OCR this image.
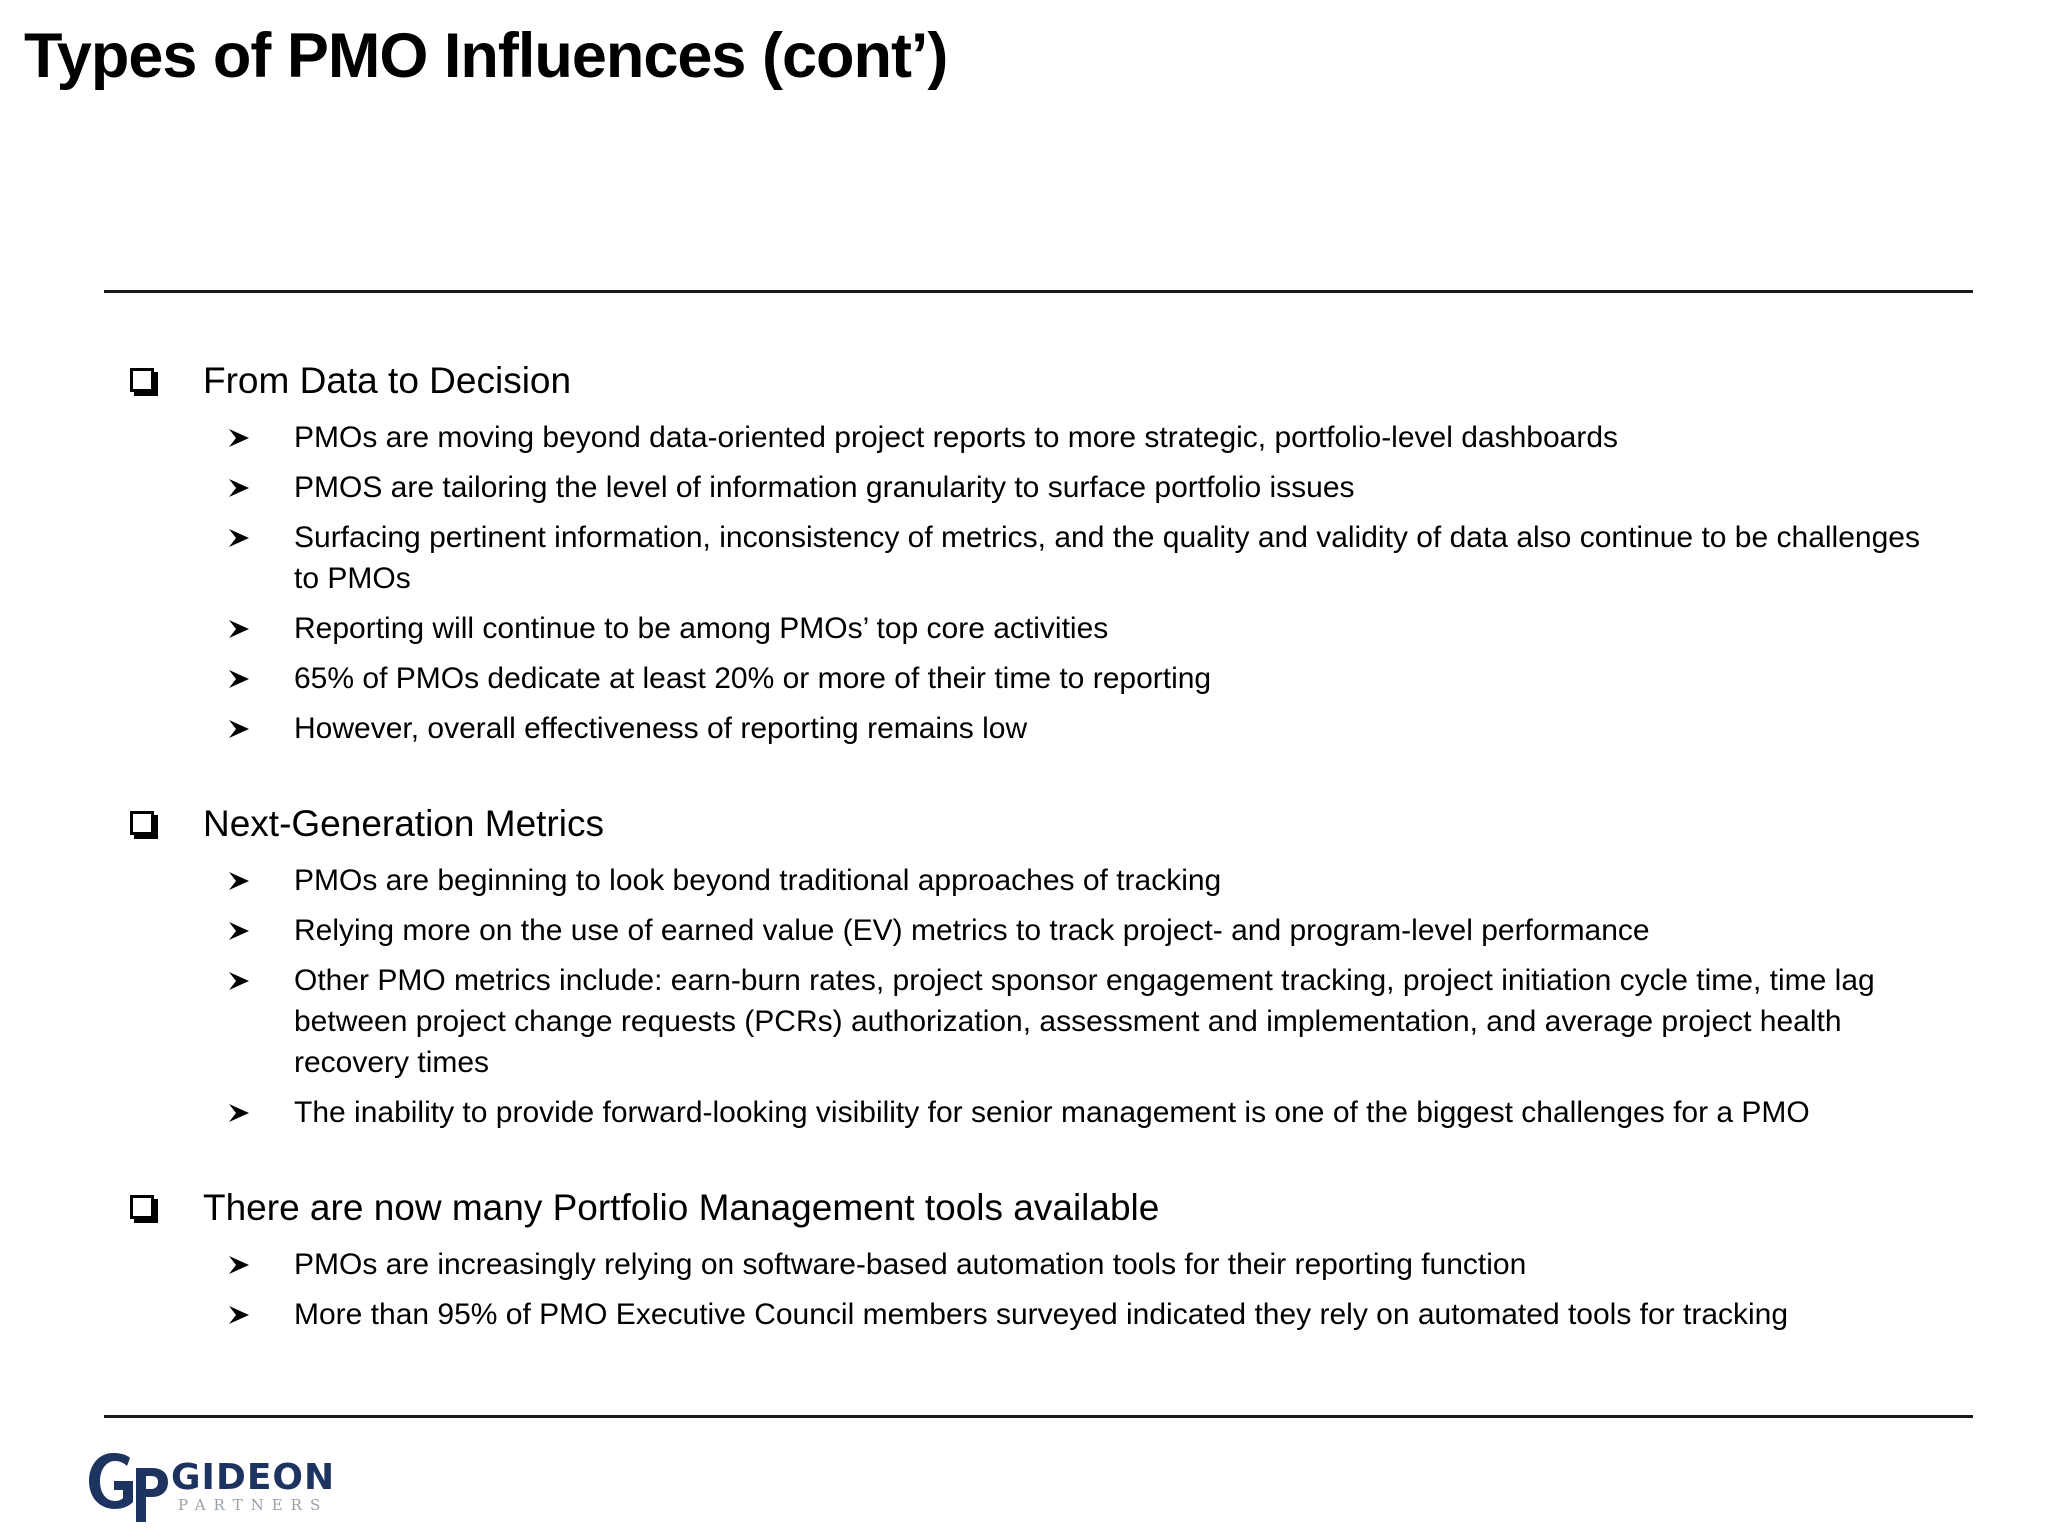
Types of PMO Influences (cont’)
From Data to Decision
PMOs are moving beyond data-oriented project reports to more strategic, portfolio-level dashboards
PMOS are tailoring the level of information granularity to surface portfolio issues
Surfacing pertinent information, inconsistency of metrics, and the quality and validity of data also continue to be challenges to PMOs
Reporting will continue to be among PMOs’ top core activities
65% of PMOs dedicate at least 20% or more of their time to reporting
However, overall effectiveness of reporting remains low
Next-Generation Metrics
PMOs are beginning to look beyond traditional approaches of tracking
Relying more on the use of earned value (EV) metrics to track project- and program-level performance
Other PMO metrics include: earn-burn rates, project sponsor engagement tracking, project initiation cycle time, time lag between project change requests (PCRs) authorization, assessment and implementation, and average project health recovery times
The inability to provide forward-looking visibility for senior management is one of the biggest challenges for a PMO
There are now many Portfolio Management tools available
PMOs are increasingly relying on software-based automation tools for their reporting function
More than 95% of PMO Executive Council members surveyed indicated they rely on automated tools for tracking
GIDEON
PARTNERS
